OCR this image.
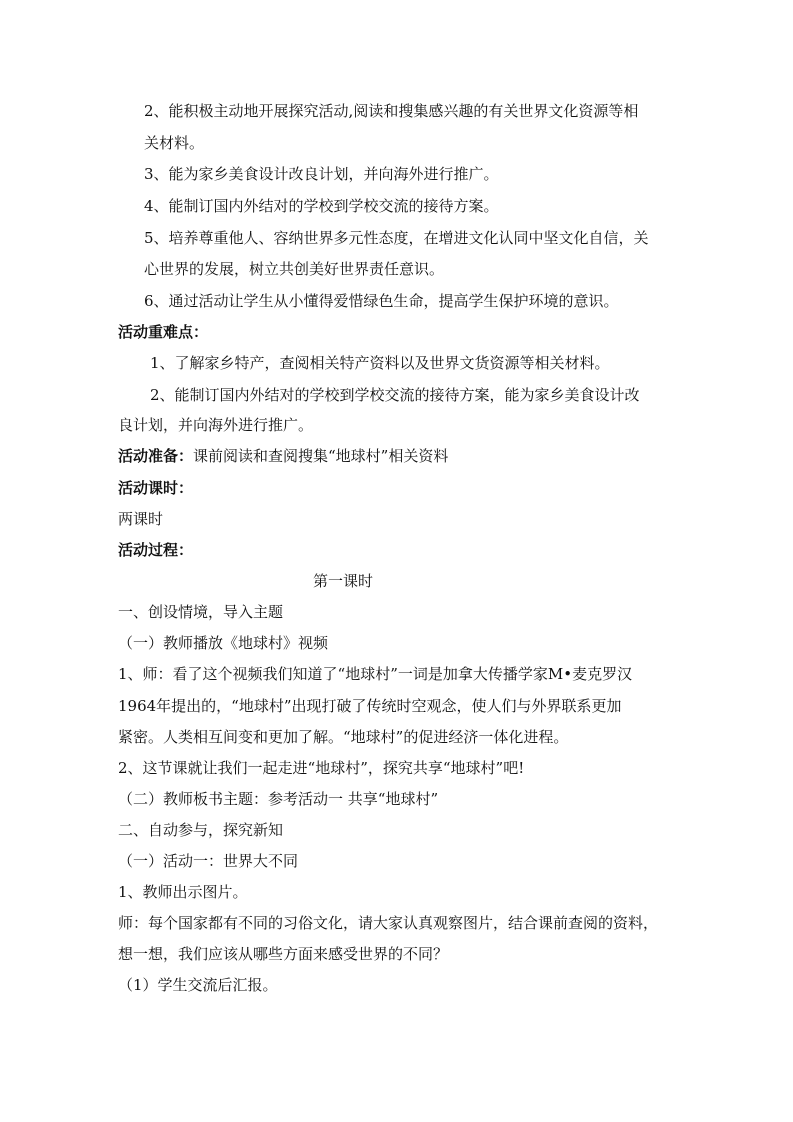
2、能积极主动地开展探究活动,阅读和搜集感兴趣的有关世界文化资源等相
关材料。
3、能为家乡美食设计改良计划，并向海外进行推广。
4、能制订国内外结对的学校到学校交流的接待方案。
5、培养尊重他人、容纳世界多元性态度，在增进文化认同中坚文化自信，关
心世界的发展，树立共创美好世界责任意识。
6、通过活动让学生从小懂得爱惜绿色生命，提高学生保护环境的意识。
活动重难点：
1、了解家乡特产，查阅相关特产资料以及世界文货资源等相关材料。
2、能制订国内外结对的学校到学校交流的接待方案，能为家乡美食设计改
良计划，并向海外进行推广。
活动准备：课前阅读和查阅搜集“地球村”相关资料
活动课时：
两课时
活动过程：
第一课时
一、创设情境，导入主题
（一）教师播放《地球村》视频
1、师：看了这个视频我们知道了“地球村”一词是加拿大传播学家M•麦克罗汉
1964年提出的，“地球村”出现打破了传统时空观念，使人们与外界联系更加
紧密。人类相互间变和更加了解。“地球村”的促进经济一体化进程。
2、这节课就让我们一起走进“地球村”，探究共享“地球村”吧!
（二）教师板书主题：参考活动一 共享“地球村”
二、自动参与，探究新知
（一）活动一：世界大不同
1、教师出示图片。
师：每个国家都有不同的习俗文化，请大家认真观察图片，结合课前查阅的资料，
想一想，我们应该从哪些方面来感受世界的不同？
（1）学生交流后汇报。
